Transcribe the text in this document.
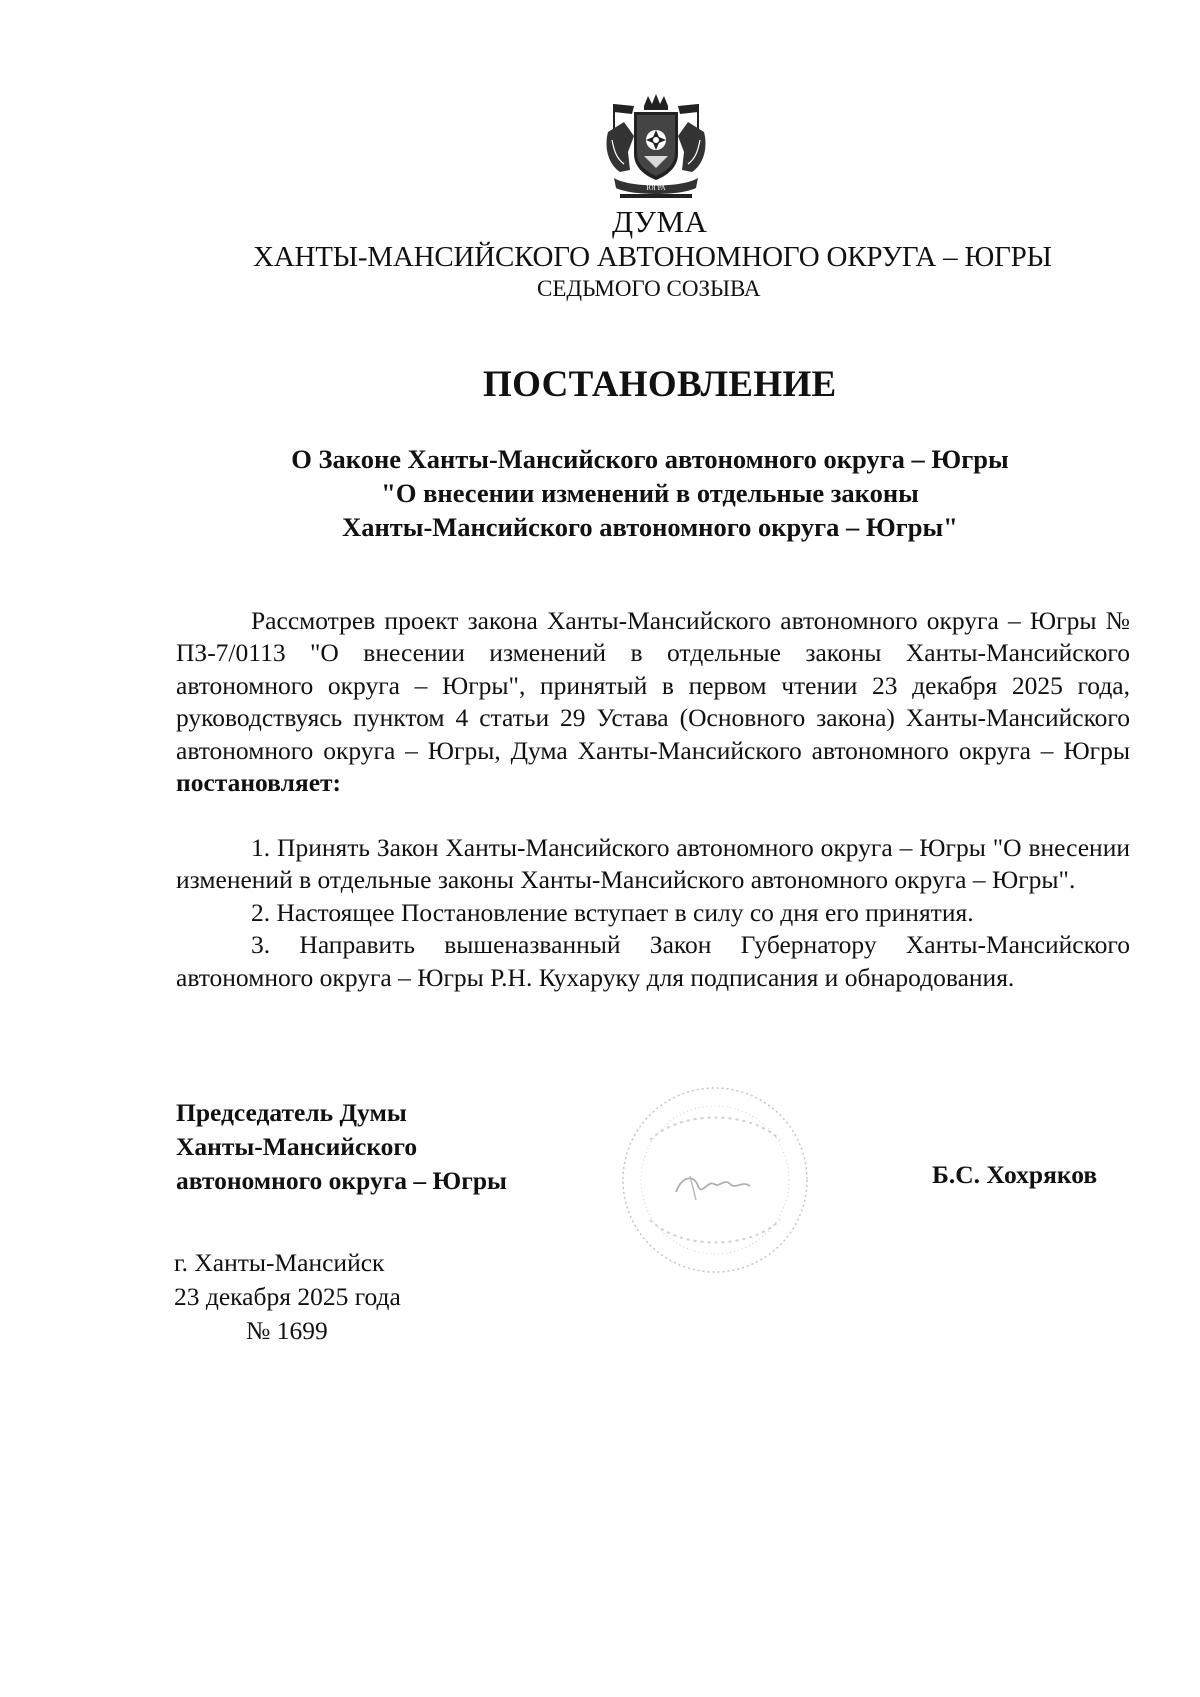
ЮГРА
ДУМА
ХАНТЫ-МАНСИЙСКОГО АВТОНОМНОГО ОКРУГА – ЮГРЫ
СЕДЬМОГО СОЗЫВА
ПОСТАНОВЛЕНИЕ
О Законе Ханты-Мансийского автономного округа – Югры
"О внесении изменений в отдельные законы
Ханты-Мансийского автономного округа – Югры"

Рассмотрев проект закона Ханты-Мансийского автономного округа – Югры № ПЗ-7/0113 "О внесении изменений в отдельные законы Ханты-Мансийского автономного округа – Югры", принятый в первом чтении 23 декабря 2025 года, руководствуясь пунктом 4 статьи 29 Устава (Основного закона) Ханты-Мансийского автономного округа – Югры, Дума Ханты-Мансийского автономного округа – Югры постановляет:

1. Принять Закон Ханты-Мансийского автономного округа – Югры "О внесении изменений в отдельные законы Ханты-Мансийского автономного округа – Югры".

2. Настоящее Постановление вступает в силу со дня его принятия.

3. Направить вышеназванный Закон Губернатору Ханты-Мансийского автономного округа – Югры Р.Н. Кухаруку для подписания и обнародования.

Председатель Думы
Ханты-Мансийского
автономного округа – Югры	Б.С. Хохряков
г. Ханты-Мансийск
23 декабря 2025 года
№ 1699
